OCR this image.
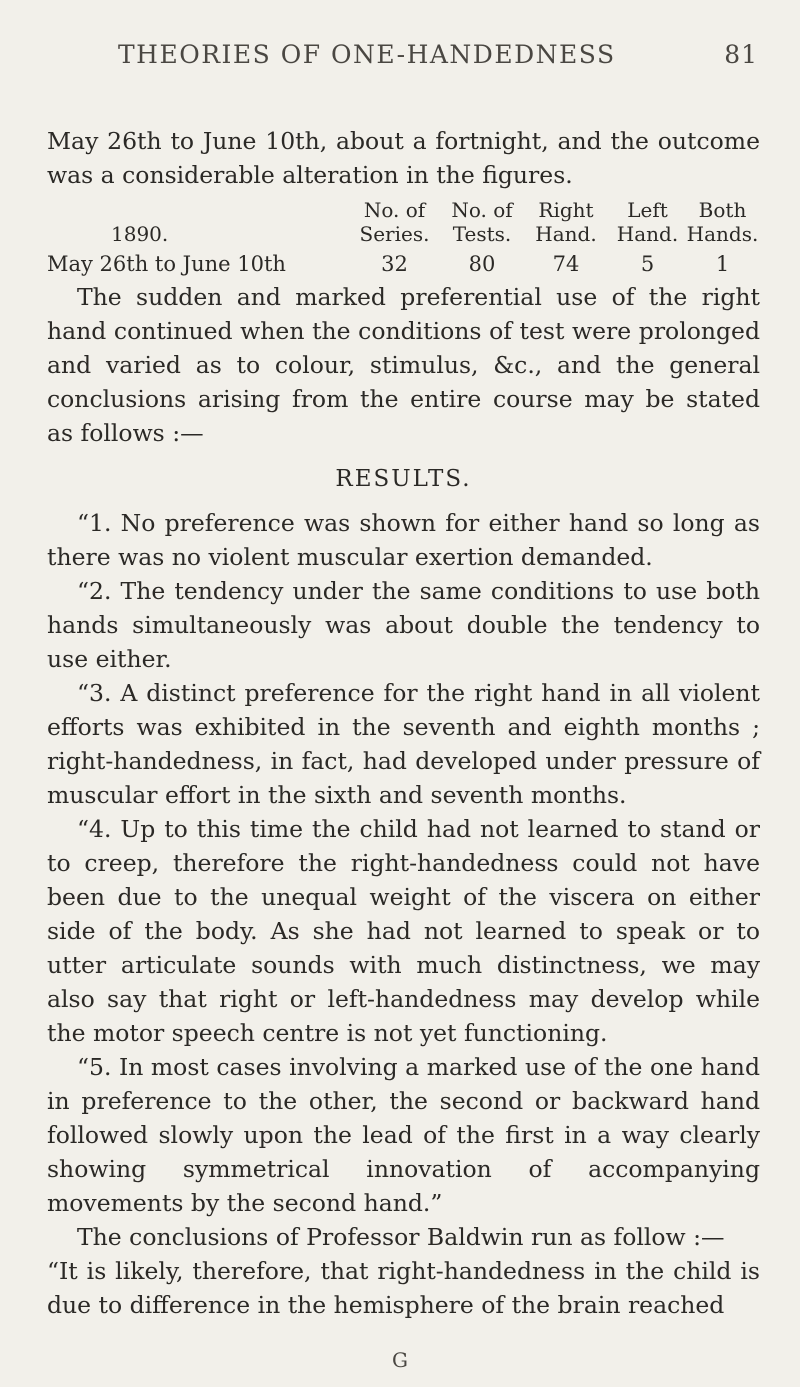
THEORIES OF ONE-HANDEDNESS	81

May 26th to June 10th, about a fortnight, and the outcome was a considerable alteration in the figures.

1890.	No. of Series.	No. of Tests.	Right Hand.	Left Hand.	Both Hands.
May 26th to June 10th	32	80	74	5	1

The sudden and marked preferential use of the right hand continued when the conditions of test were prolonged and varied as to colour, stimulus, &c., and the general conclusions arising from the entire course may be stated as follows :—

RESULTS.

“1. No preference was shown for either hand so long as there was no violent muscular exertion demanded.

“2. The tendency under the same conditions to use both hands simultaneously was about double the tendency to use either.

“3. A distinct preference for the right hand in all violent efforts was exhibited in the seventh and eighth months ; right-handedness, in fact, had developed under pressure of muscular effort in the sixth and seventh months.

“4. Up to this time the child had not learned to stand or to creep, therefore the right-handedness could not have been due to the unequal weight of the viscera on either side of the body. As she had not learned to speak or to utter articulate sounds with much distinctness, we may also say that right or left-handedness may develop while the motor speech centre is not yet functioning.

“5. In most cases involving a marked use of the one hand in preference to the other, the second or backward hand followed slowly upon the lead of the first in a way clearly showing symmetrical innovation of accompanying movements by the second hand.”

The conclusions of Professor Baldwin run as follow :—

“It is likely, therefore, that right-handedness in the child is due to difference in the hemisphere of the brain reached

G
